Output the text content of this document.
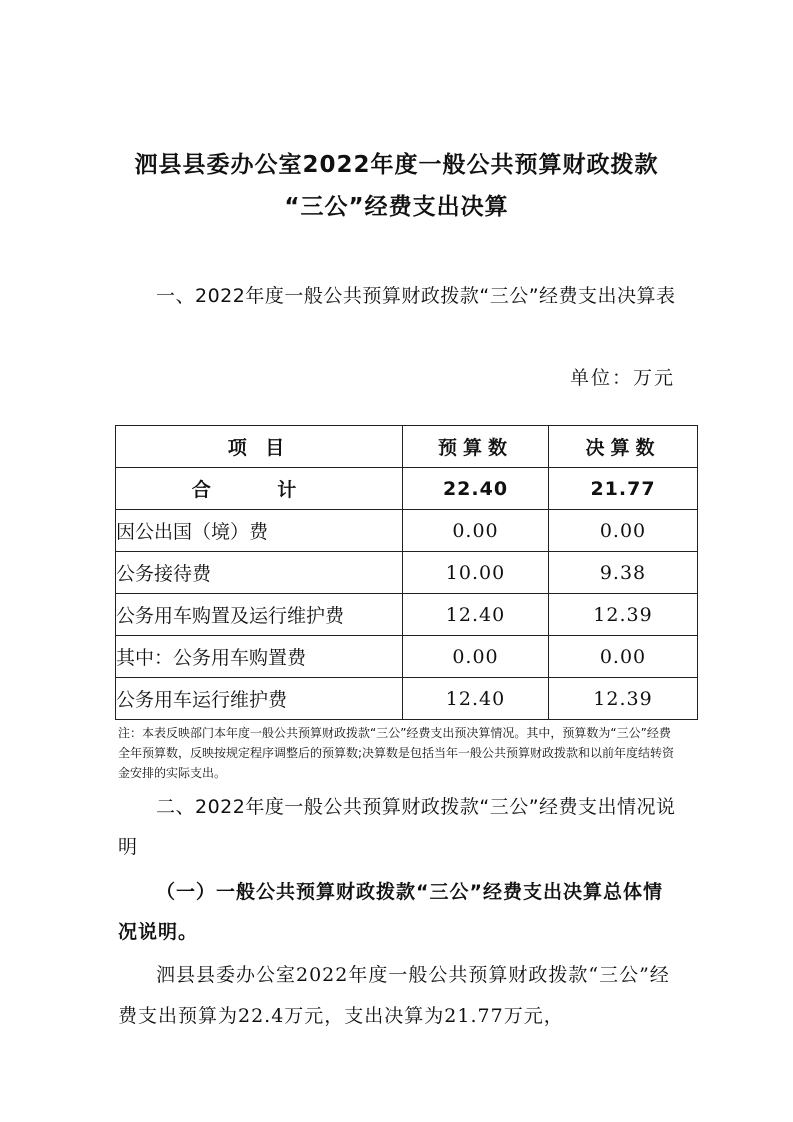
泗县县委办公室2022年度一般公共预算财政拨款
“三公”经费支出决算

一、2022年度一般公共预算财政拨款“三公”经费支出决算表

单位：万元
项 目	预算数	决算数
合 计	22.40	21.77
因公出国（境）费	0.00	0.00
公务接待费	10.00	9.38
公务用车购置及运行维护费	12.40	12.39
其中：公务用车购置费	0.00	0.00
公务用车运行维护费	12.40	12.39

注：本表反映部门本年度一般公共预算财政拨款“三公”经费支出预决算情况。其中，预算数为“三公”经费全年预算数，反映按规定程序调整后的预算数;决算数是包括当年一般公共预算财政拨款和以前年度结转资金安排的实际支出。

二、2022年度一般公共预算财政拨款“三公”经费支出情况说明

（一）一般公共预算财政拨款“三公”经费支出决算总体情况说明。

泗县县委办公室2022年度一般公共预算财政拨款“三公”经费支出预算为22.4万元，支出决算为21.77万元，
